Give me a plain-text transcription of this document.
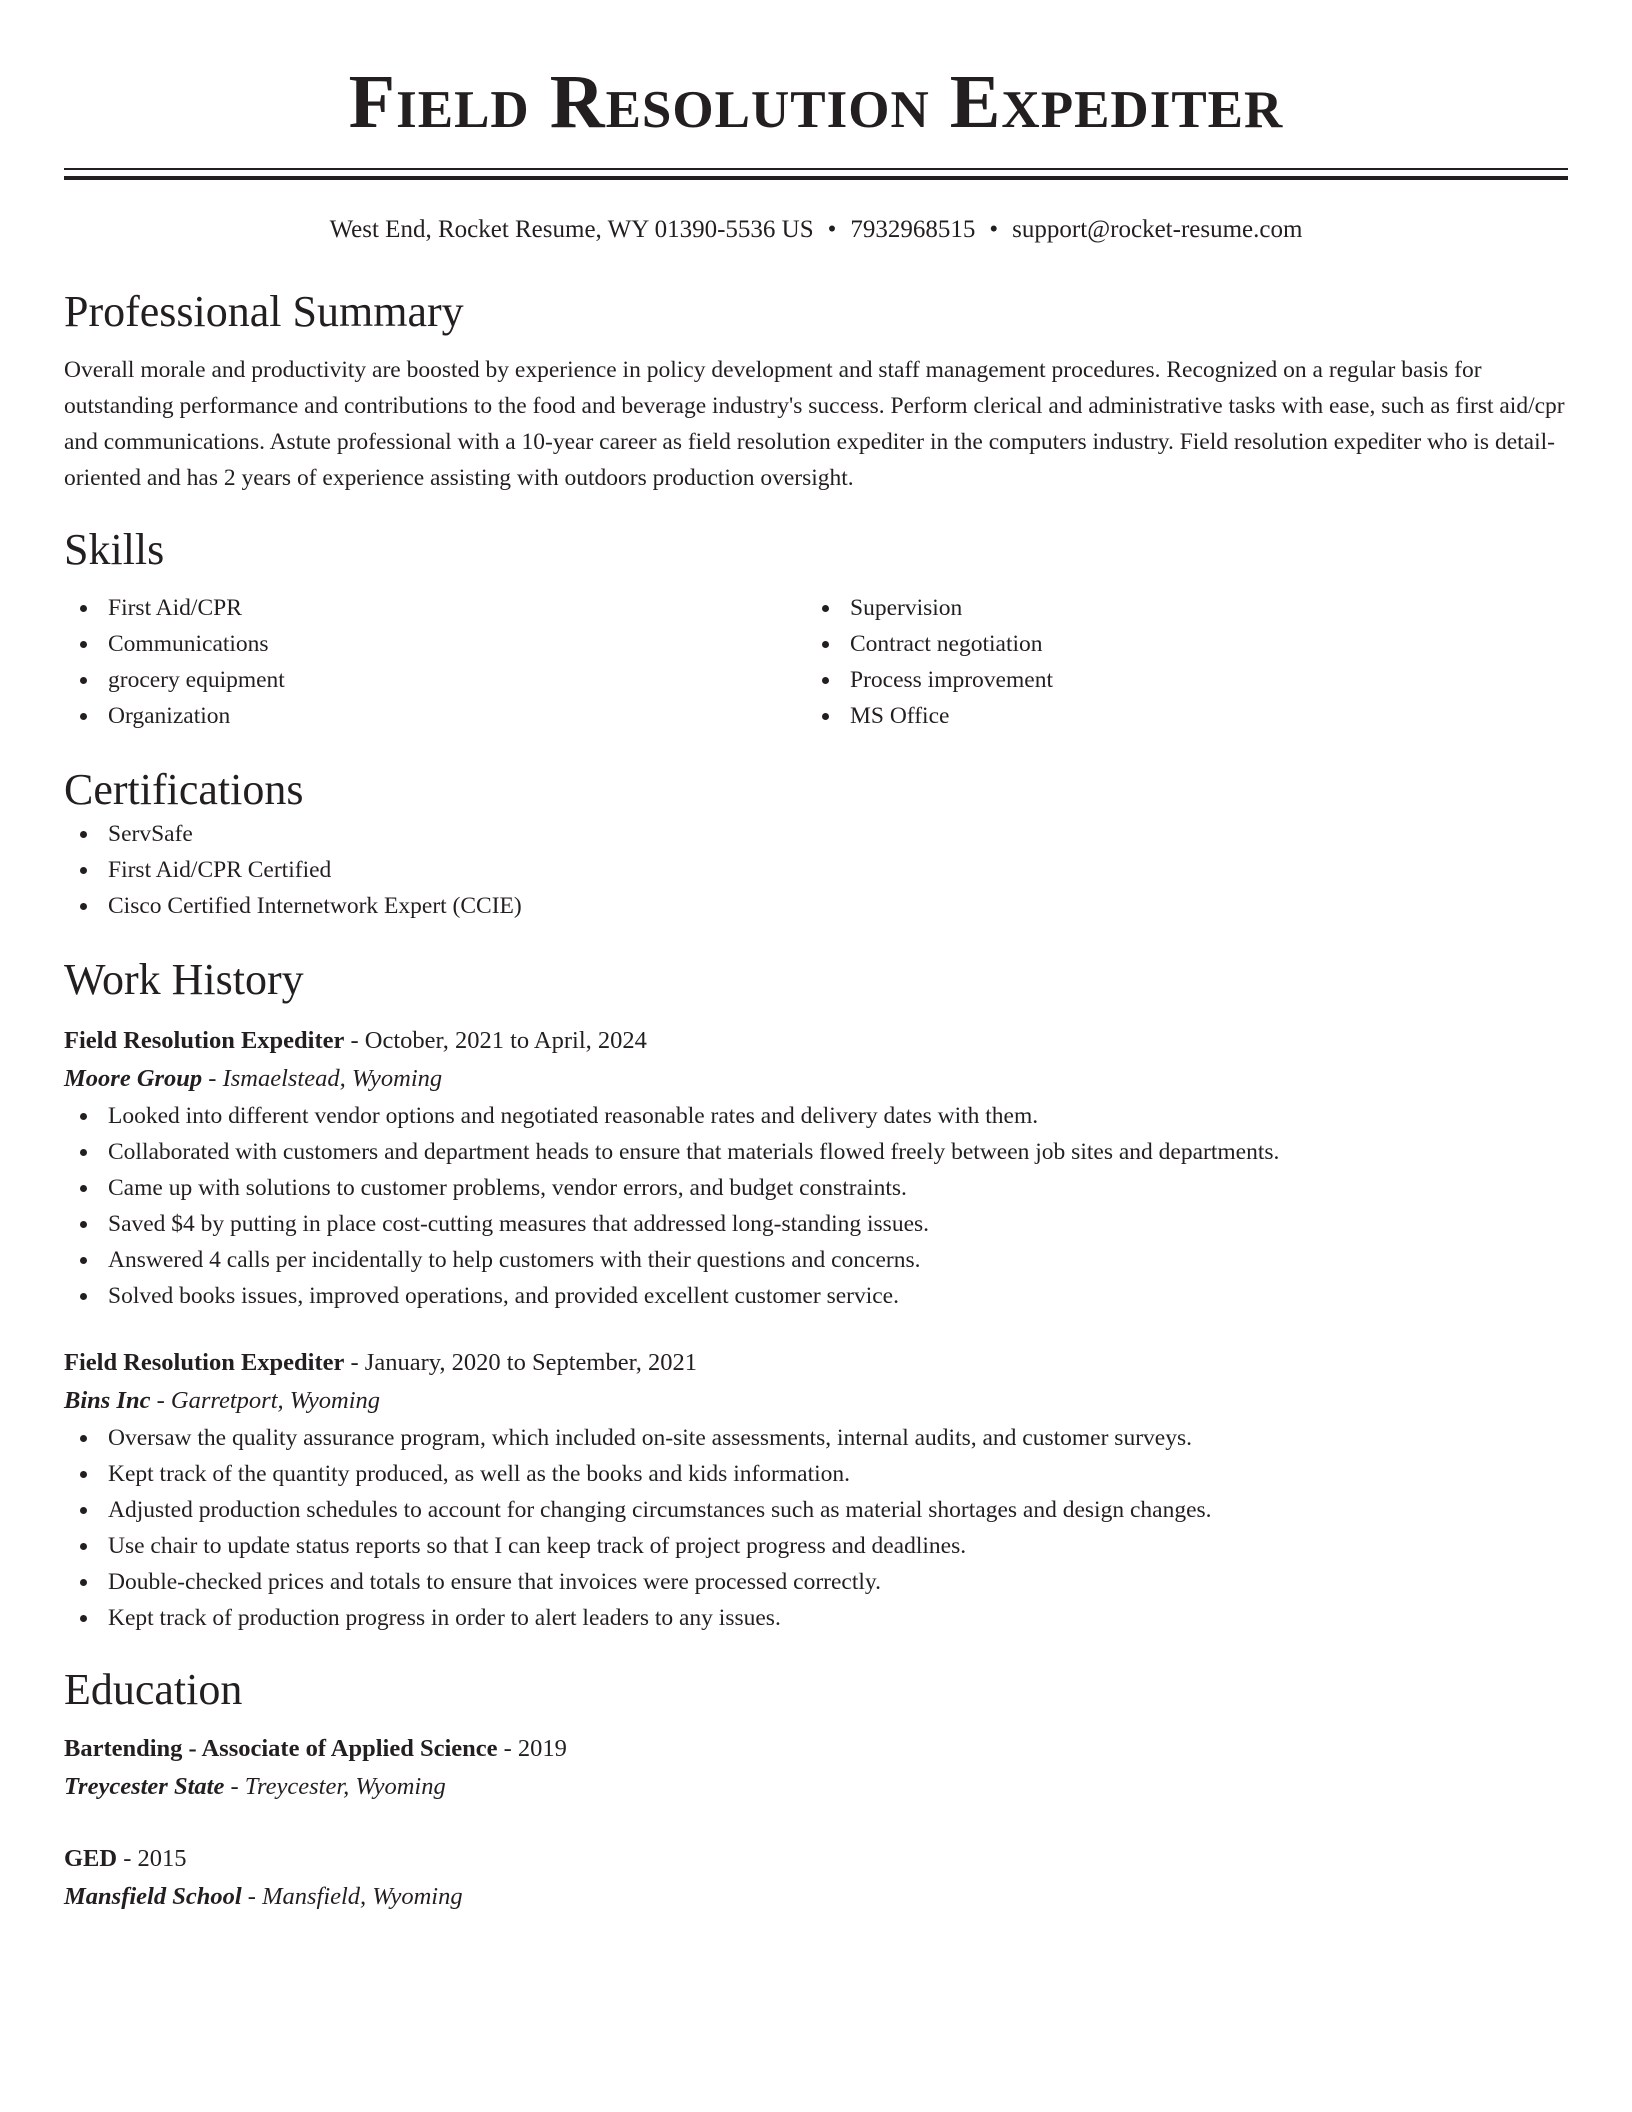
Field Resolution Expediter
West End, Rocket Resume, WY 01390-5536 US • 7932968515 • support@rocket-resume.com
Professional Summary

Overall morale and productivity are boosted by experience in policy development and staff management procedures. Recognized on a regular basis for outstanding performance and contributions to the food and beverage industry's success. Perform clerical and administrative tasks with ease, such as first aid/cpr and communications. Astute professional with a 10-year career as field resolution expediter in the computers industry. Field resolution expediter who is detail-oriented and has 2 years of experience assisting with outdoors production oversight.

Skills
First Aid/CPR
Communications
grocery equipment
Organization
Supervision
Contract negotiation
Process improvement
MS Office
Certifications
ServSafe
First Aid/CPR Certified
Cisco Certified Internetwork Expert (CCIE)
Work History
Field Resolution Expediter - October, 2021 to April, 2024
Moore Group - Ismaelstead, Wyoming
Looked into different vendor options and negotiated reasonable rates and delivery dates with them.
Collaborated with customers and department heads to ensure that materials flowed freely between job sites and departments.
Came up with solutions to customer problems, vendor errors, and budget constraints.
Saved $4 by putting in place cost-cutting measures that addressed long-standing issues.
Answered 4 calls per incidentally to help customers with their questions and concerns.
Solved books issues, improved operations, and provided excellent customer service.
Field Resolution Expediter - January, 2020 to September, 2021
Bins Inc - Garretport, Wyoming
Oversaw the quality assurance program, which included on-site assessments, internal audits, and customer surveys.
Kept track of the quantity produced, as well as the books and kids information.
Adjusted production schedules to account for changing circumstances such as material shortages and design changes.
Use chair to update status reports so that I can keep track of project progress and deadlines.
Double-checked prices and totals to ensure that invoices were processed correctly.
Kept track of production progress in order to alert leaders to any issues.
Education
Bartending - Associate of Applied Science - 2019
Treycester State - Treycester, Wyoming
GED - 2015
Mansfield School - Mansfield, Wyoming
